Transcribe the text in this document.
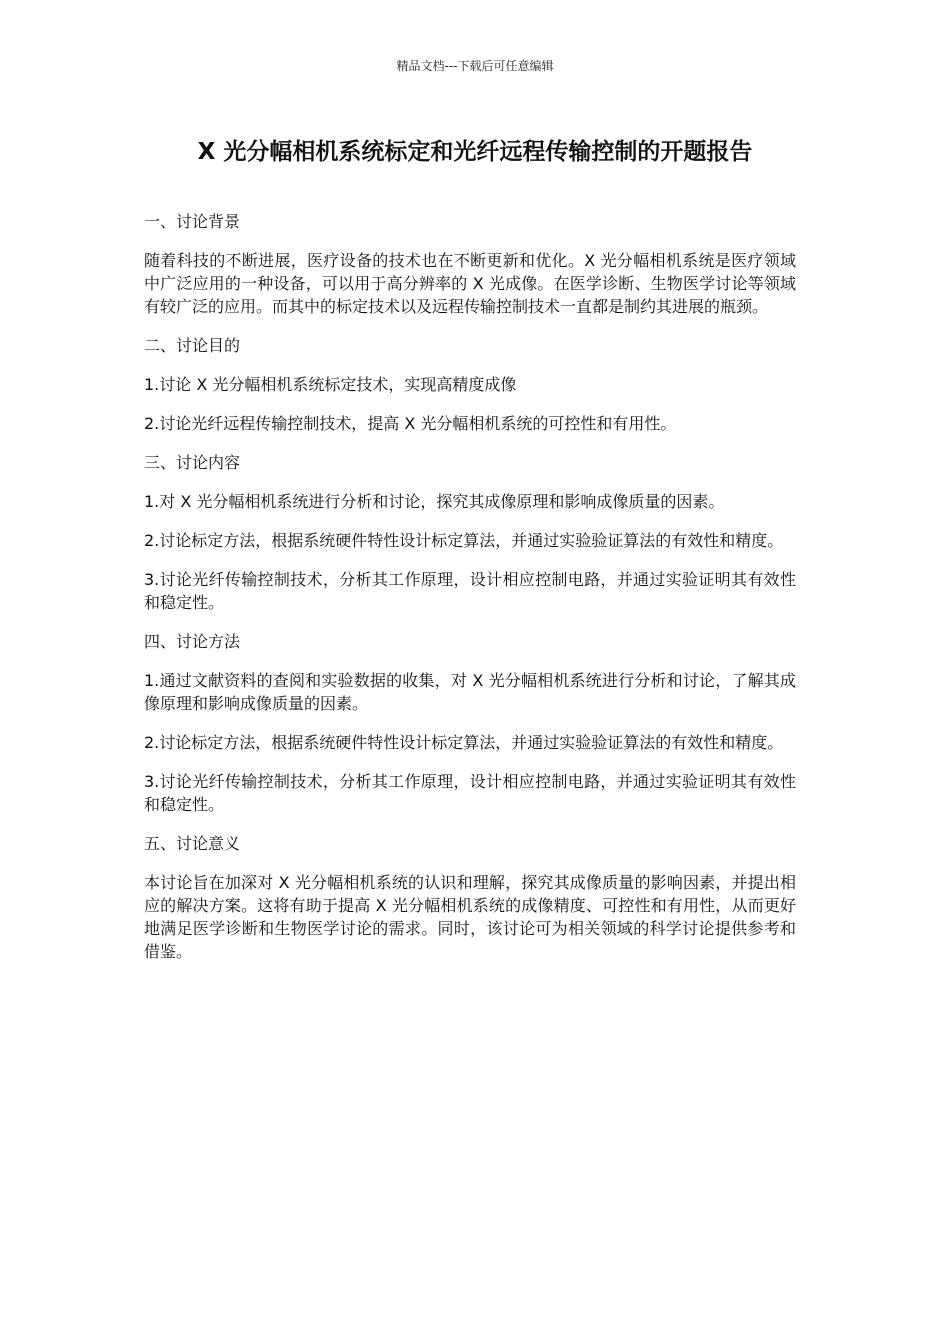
精品文档---下载后可任意编辑
X 光分幅相机系统标定和光纤远程传输控制的开题报告

一、讨论背景

随着科技的不断进展，医疗设备的技术也在不断更新和优化。X 光分幅相机系统是医疗领域中广泛应用的一种设备，可以用于高分辨率的 X 光成像。在医学诊断、生物医学讨论等领域有较广泛的应用。而其中的标定技术以及远程传输控制技术一直都是制约其进展的瓶颈。

二、讨论目的

1.讨论 X 光分幅相机系统标定技术，实现高精度成像

2.讨论光纤远程传输控制技术，提高 X 光分幅相机系统的可控性和有用性。

三、讨论内容

1.对 X 光分幅相机系统进行分析和讨论，探究其成像原理和影响成像质量的因素。

2.讨论标定方法，根据系统硬件特性设计标定算法，并通过实验验证算法的有效性和精度。

3.讨论光纤传输控制技术，分析其工作原理，设计相应控制电路，并通过实验证明其有效性和稳定性。

四、讨论方法

1.通过文献资料的查阅和实验数据的收集，对 X 光分幅相机系统进行分析和讨论，了解其成像原理和影响成像质量的因素。

2.讨论标定方法，根据系统硬件特性设计标定算法，并通过实验验证算法的有效性和精度。

3.讨论光纤传输控制技术，分析其工作原理，设计相应控制电路，并通过实验证明其有效性和稳定性。

五、讨论意义

本讨论旨在加深对 X 光分幅相机系统的认识和理解，探究其成像质量的影响因素，并提出相应的解决方案。这将有助于提高 X 光分幅相机系统的成像精度、可控性和有用性，从而更好地满足医学诊断和生物医学讨论的需求。同时，该讨论可为相关领域的科学讨论提供参考和借鉴。
